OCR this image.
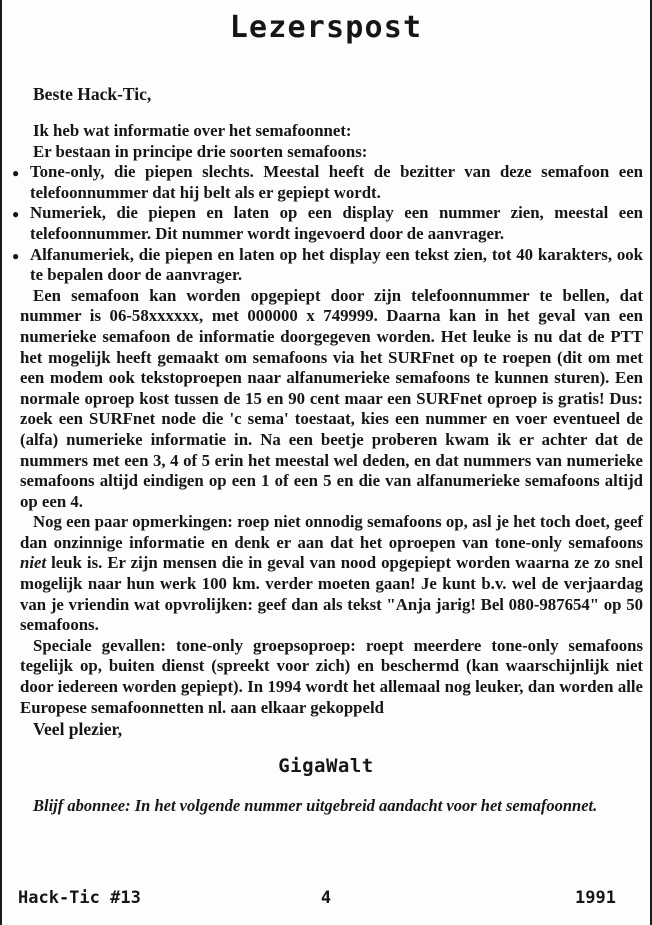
Lezerspost
Beste Hack-Tic,
Ik heb wat informatie over het semafoonnet:
Er bestaan in principe drie soorten semafoons:
● Tone-only, die piepen slechts. Meestal heeft de bezitter van deze semafoon een telefoonnummer dat hij belt als er gepiept wordt.
● Numeriek, die piepen en laten op een display een nummer zien, meestal een telefoonnummer. Dit nummer wordt ingevoerd door de aanvrager.
● Alfanumeriek, die piepen en laten op het display een tekst zien, tot 40 karakters, ook te bepalen door de aanvrager.
Een semafoon kan worden opgepiept door zijn telefoonnummer te bellen, dat nummer is 06-58xxxxxx, met 000000 x 749999. Daarna kan in het geval van een numerieke semafoon de informatie doorgegeven worden. Het leuke is nu dat de PTT het mogelijk heeft gemaakt om semafoons via het SURFnet op te roepen (dit om met een modem ook tekstoproepen naar alfanumerieke semafoons te kunnen sturen). Een normale oproep kost tussen de 15 en 90 cent maar een SURFnet oproep is gratis! Dus: zoek een SURFnet node die 'c sema' toestaat, kies een nummer en voer eventueel de (alfa) numerieke informatie in. Na een beetje proberen kwam ik er achter dat de nummers met een 3, 4 of 5 erin het meestal wel deden, en dat nummers van numerieke semafoons altijd eindigen op een 1 of een 5 en die van alfanumerieke semafoons altijd op een 4.
Nog een paar opmerkingen: roep niet onnodig semafoons op, asl je het toch doet, geef dan onzinnige informatie en denk er aan dat het oproepen van tone-only semafoons niet leuk is. Er zijn mensen die in geval van nood opgepiept worden waarna ze zo snel mogelijk naar hun werk 100 km. verder moeten gaan! Je kunt b.v. wel de verjaardag van je vriendin wat opvrolijken: geef dan als tekst "Anja jarig! Bel 080-987654" op 50 semafoons.
Speciale gevallen: tone-only groepsoproep: roept meerdere tone-only semafoons tegelijk op, buiten dienst (spreekt voor zich) en beschermd (kan waarschijnlijk niet door iedereen worden gepiept). In 1994 wordt het allemaal nog leuker, dan worden alle Europese semafoonnetten nl. aan elkaar gekoppeld
Veel plezier,
GigaWalt
Blijf abonnee: In het volgende nummer uitgebreid aandacht voor het semafoonnet.
Hack-Tic #13	4	1991
